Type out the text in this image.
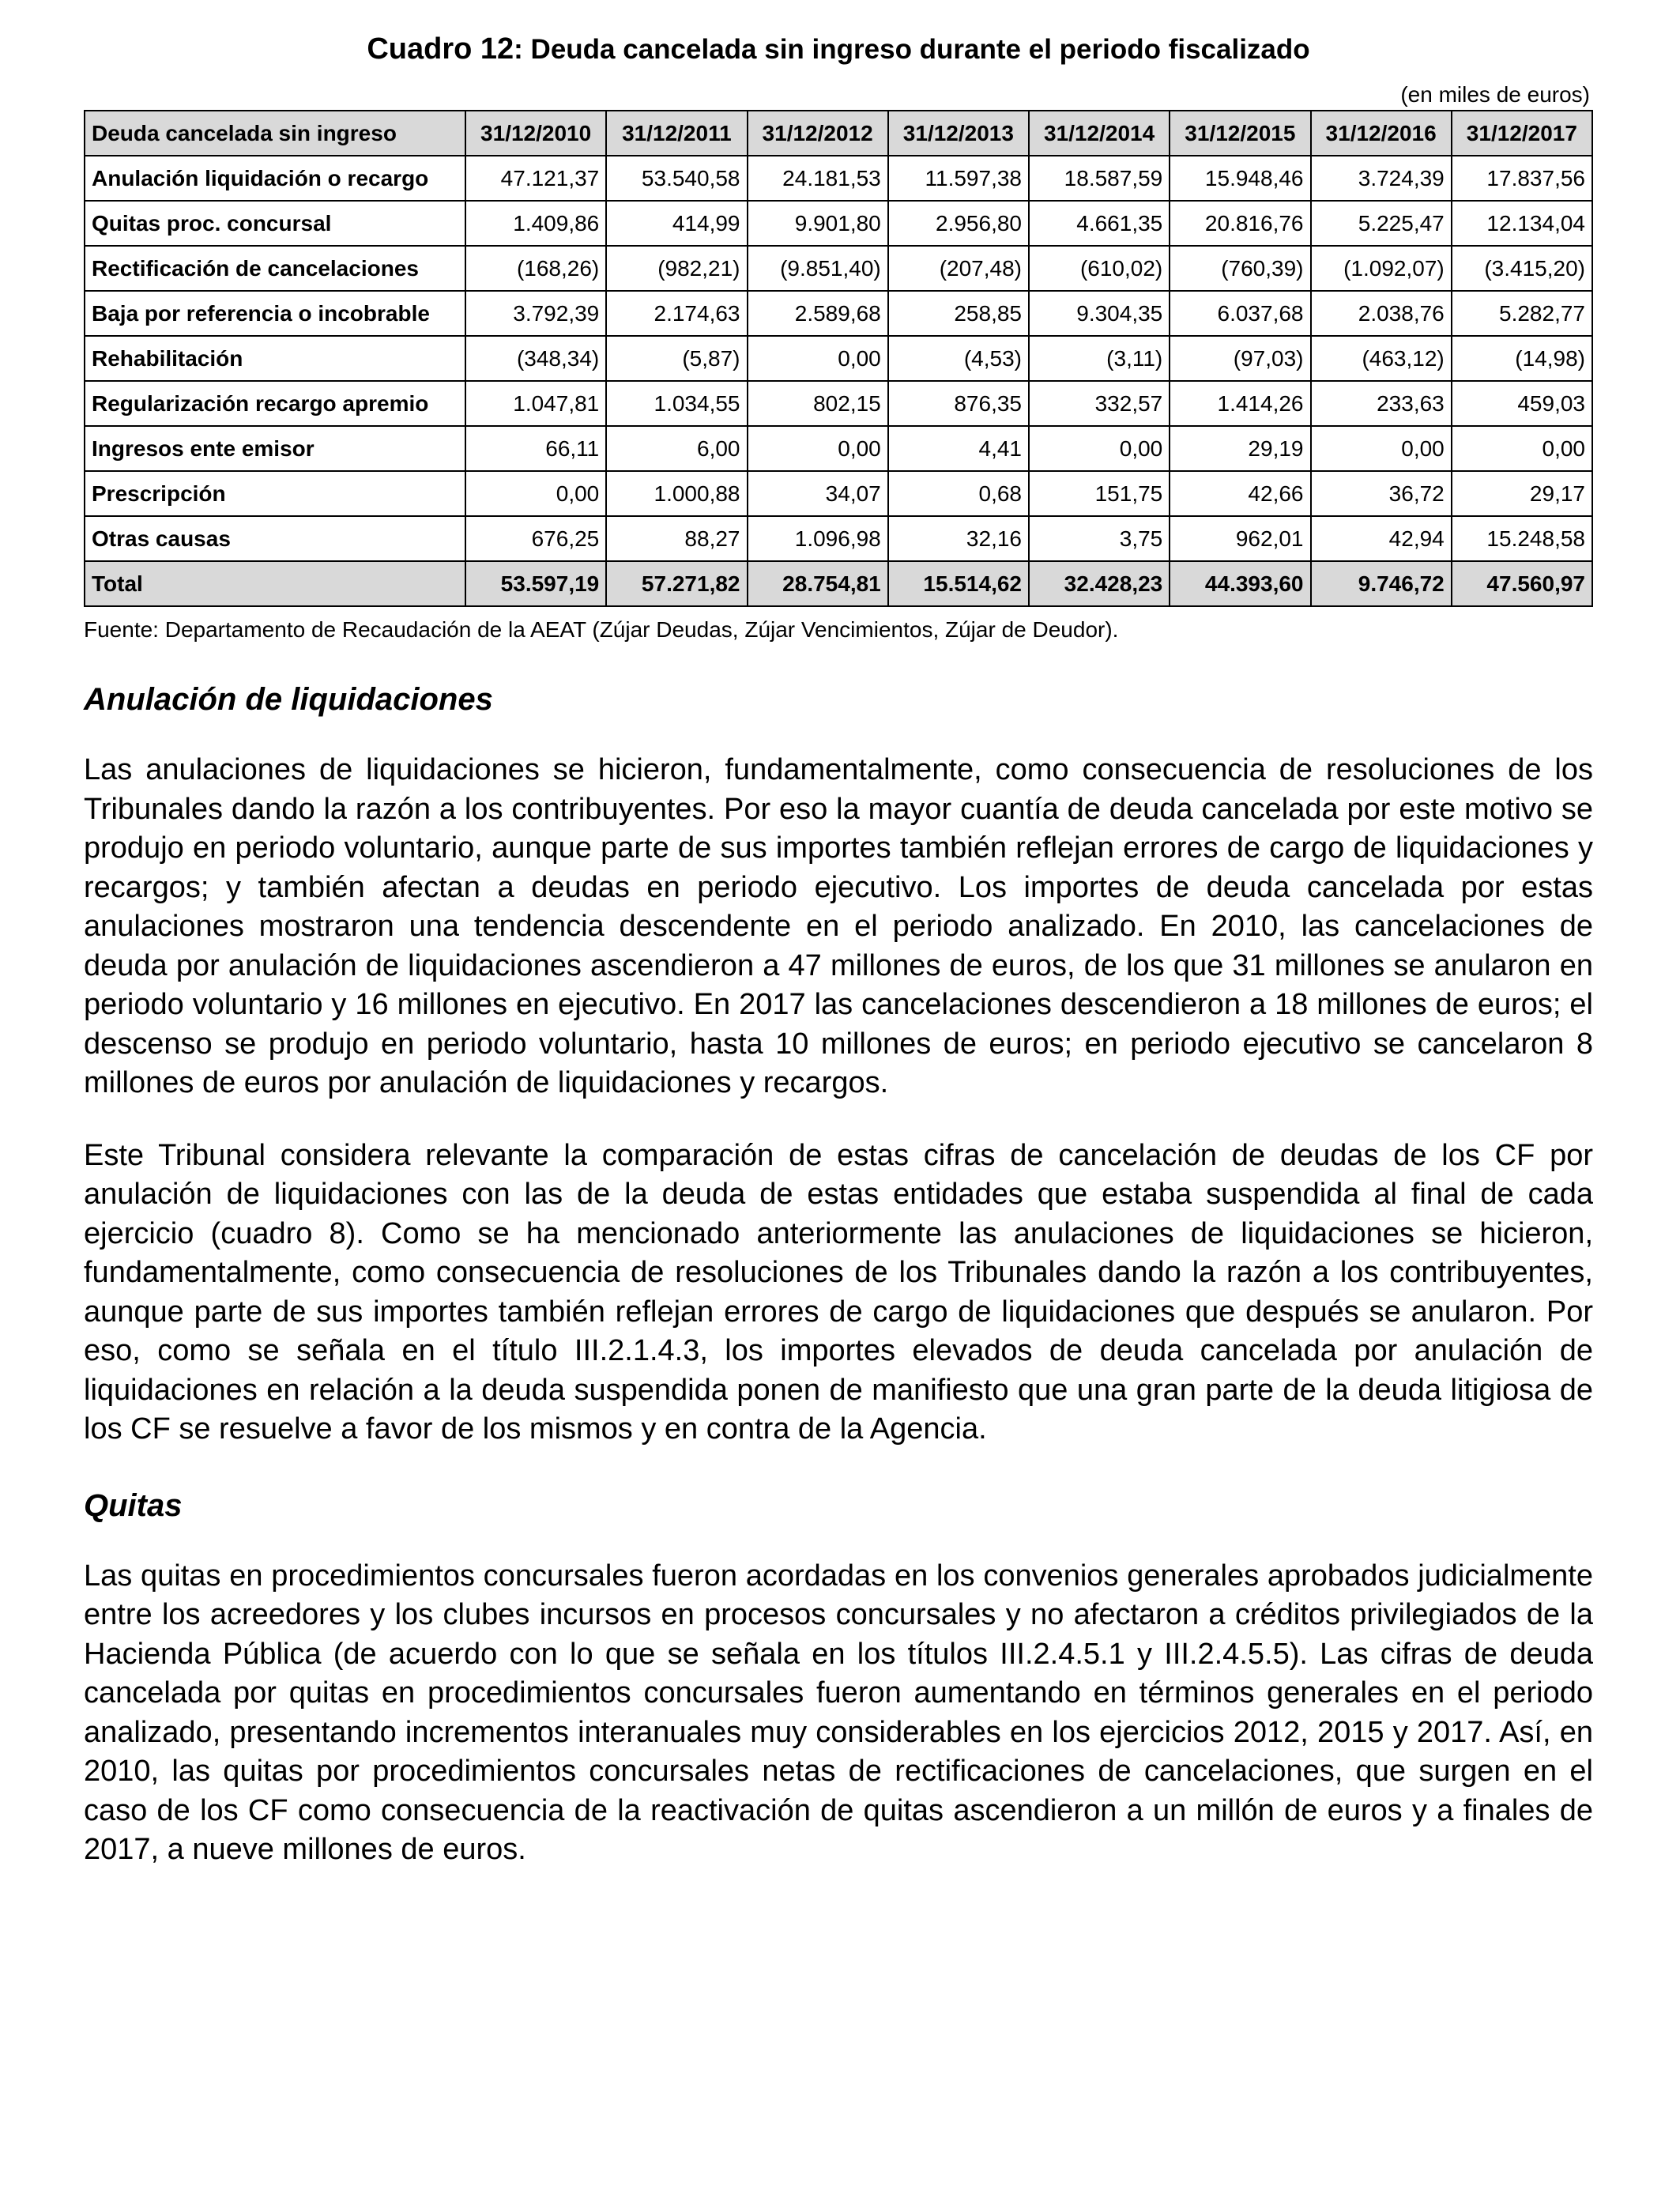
Cuadro 12: Deuda cancelada sin ingreso durante el periodo fiscalizado
(en miles de euros)
Deuda cancelada sin ingreso	31/12/2010	31/12/2011	31/12/2012	31/12/2013	31/12/2014	31/12/2015	31/12/2016	31/12/2017
Anulación liquidación o recargo	47.121,37	53.540,58	24.181,53	11.597,38	18.587,59	15.948,46	3.724,39	17.837,56
Quitas proc. concursal	1.409,86	414,99	9.901,80	2.956,80	4.661,35	20.816,76	5.225,47	12.134,04
Rectificación de cancelaciones	(168,26)	(982,21)	(9.851,40)	(207,48)	(610,02)	(760,39)	(1.092,07)	(3.415,20)
Baja por referencia o incobrable	3.792,39	2.174,63	2.589,68	258,85	9.304,35	6.037,68	2.038,76	5.282,77
Rehabilitación	(348,34)	(5,87)	0,00	(4,53)	(3,11)	(97,03)	(463,12)	(14,98)
Regularización recargo apremio	1.047,81	1.034,55	802,15	876,35	332,57	1.414,26	233,63	459,03
Ingresos ente emisor	66,11	6,00	0,00	4,41	0,00	29,19	0,00	0,00
Prescripción	0,00	1.000,88	34,07	0,68	151,75	42,66	36,72	29,17
Otras causas	676,25	88,27	1.096,98	32,16	3,75	962,01	42,94	15.248,58
Total	53.597,19	57.271,82	28.754,81	15.514,62	32.428,23	44.393,60	9.746,72	47.560,97
Fuente: Departamento de Recaudación de la AEAT (Zújar Deudas, Zújar Vencimientos, Zújar de Deudor).
Anulación de liquidaciones

Las anulaciones de liquidaciones se hicieron, fundamentalmente, como consecuencia de resoluciones de los Tribunales dando la razón a los contribuyentes. Por eso la mayor cuantía de deuda cancelada por este motivo se produjo en periodo voluntario, aunque parte de sus importes también reflejan errores de cargo de liquidaciones y recargos; y también afectan a deudas en periodo ejecutivo. Los importes de deuda cancelada por estas anulaciones mostraron una tendencia descendente en el periodo analizado. En 2010, las cancelaciones de deuda por anulación de liquidaciones ascendieron a 47 millones de euros, de los que 31 millones se anularon en periodo voluntario y 16 millones en ejecutivo. En 2017 las cancelaciones descendieron a 18 millones de euros; el descenso se produjo en periodo voluntario, hasta 10 millones de euros; en periodo ejecutivo se cancelaron 8 millones de euros por anulación de liquidaciones y recargos.

Este Tribunal considera relevante la comparación de estas cifras de cancelación de deudas de los CF por anulación de liquidaciones con las de la deuda de estas entidades que estaba suspendida al final de cada ejercicio (cuadro 8). Como se ha mencionado anteriormente las anulaciones de liquidaciones se hicieron, fundamentalmente, como consecuencia de resoluciones de los Tribunales dando la razón a los contribuyentes, aunque parte de sus importes también reflejan errores de cargo de liquidaciones que después se anularon. Por eso, como se señala en el título III.2.1.4.3, los importes elevados de deuda cancelada por anulación de liquidaciones en relación a la deuda suspendida ponen de manifiesto que una gran parte de la deuda litigiosa de los CF se resuelve a favor de los mismos y en contra de la Agencia.

Quitas

Las quitas en procedimientos concursales fueron acordadas en los convenios generales aprobados judicialmente entre los acreedores y los clubes incursos en procesos concursales y no afectaron a créditos privilegiados de la Hacienda Pública (de acuerdo con lo que se señala en los títulos III.2.4.5.1 y III.2.4.5.5). Las cifras de deuda cancelada por quitas en procedimientos concursales fueron aumentando en términos generales en el periodo analizado, presentando incrementos interanuales muy considerables en los ejercicios 2012, 2015 y 2017. Así, en 2010, las quitas por procedimientos concursales netas de rectificaciones de cancelaciones, que surgen en el caso de los CF como consecuencia de la reactivación de quitas ascendieron a un millón de euros y a finales de 2017, a nueve millones de euros.
